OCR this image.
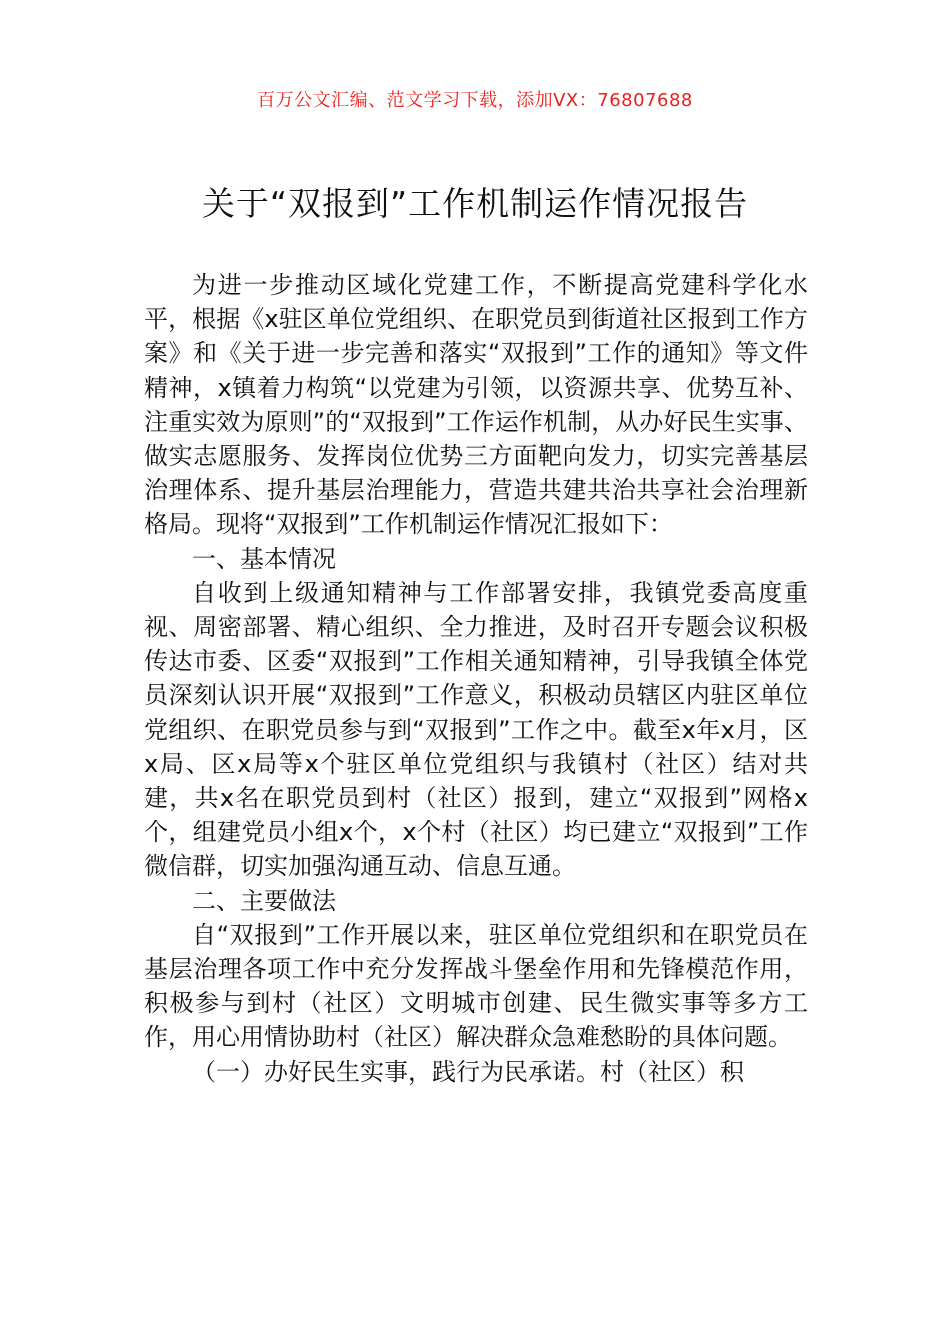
百万公文汇编、范文学习下载，添加VX：76807688
关于“双报到”工作机制运作情况报告

为进一步推动区域化党建工作，不断提高党建科学化水平，根据《x驻区单位党组织、在职党员到街道社区报到工作方案》和《关于进一步完善和落实“双报到”工作的通知》等文件精神，x镇着力构筑“以党建为引领，以资源共享、优势互补、注重实效为原则”的“双报到”工作运作机制，从办好民生实事、做实志愿服务、发挥岗位优势三方面靶向发力，切实完善基层治理体系、提升基层治理能力，营造共建共治共享社会治理新格局。现将“双报到”工作机制运作情况汇报如下：

一、基本情况

自收到上级通知精神与工作部署安排，我镇党委高度重视、周密部署、精心组织、全力推进，及时召开专题会议积极传达市委、区委“双报到”工作相关通知精神，引导我镇全体党员深刻认识开展“双报到”工作意义，积极动员辖区内驻区单位党组织、在职党员参与到“双报到”工作之中。截至x年x月，区x局、区x局等x个驻区单位党组织与我镇村（社区）结对共建，共x名在职党员到村（社区）报到，建立“双报到”网格x个，组建党员小组x个，x个村（社区）均已建立“双报到”工作微信群，切实加强沟通互动、信息互通。

二、主要做法

自“双报到”工作开展以来，驻区单位党组织和在职党员在基层治理各项工作中充分发挥战斗堡垒作用和先锋模范作用，积极参与到村（社区）文明城市创建、民生微实事等多方工作，用心用情协助村（社区）解决群众急难愁盼的具体问题。

（一）办好民生实事，践行为民承诺。村（社区）积
